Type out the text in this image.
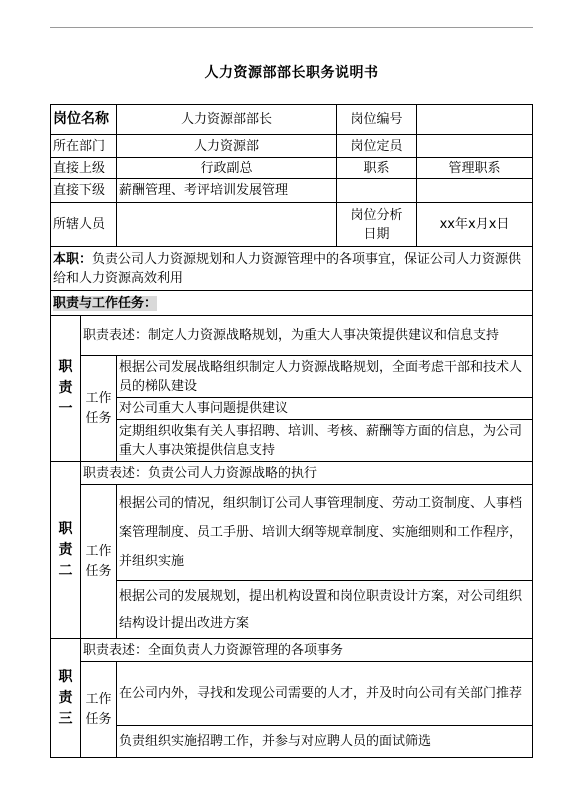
人力资源部部长职务说明书
岗位名称		人力资源部部长	岗位编号	
所在部门		人力资源部	岗位定员	
直接上级		行政副总	职系	管理职系
直接下级		薪酬管理、考评培训发展管理		
所辖人员			岗位分析日期	xx年x月x日
本职：负责公司人力资源规划和人力资源管理中的各项事宜，保证公司人力资源供给和人力资源高效利用				
职责与工作任务：				
职责一	职责表述：制定人力资源战略规划，为重大人事决策提供建议和信息支持			
	工作任务	根据公司发展战略组织制定人力资源战略规划，全面考虑干部和技术人员的梯队建设		
		对公司重大人事问题提供建议		
		定期组织收集有关人事招聘、培训、考核、薪酬等方面的信息，为公司重大人事决策提供信息支持		
职责二	职责表述：负责公司人力资源战略的执行			
	工作任务	根据公司的情况，组织制订公司人事管理制度、劳动工资制度、人事档案管理制度、员工手册、培训大纲等规章制度、实施细则和工作程序，并组织实施		
		根据公司的发展规划，提出机构设置和岗位职责设计方案，对公司组织结构设计提出改进方案		
职责三	职责表述：全面负责人力资源管理的各项事务			
	工作任务	在公司内外，寻找和发现公司需要的人才，并及时向公司有关部门推荐		
		负责组织实施招聘工作，并参与对应聘人员的面试筛选		
